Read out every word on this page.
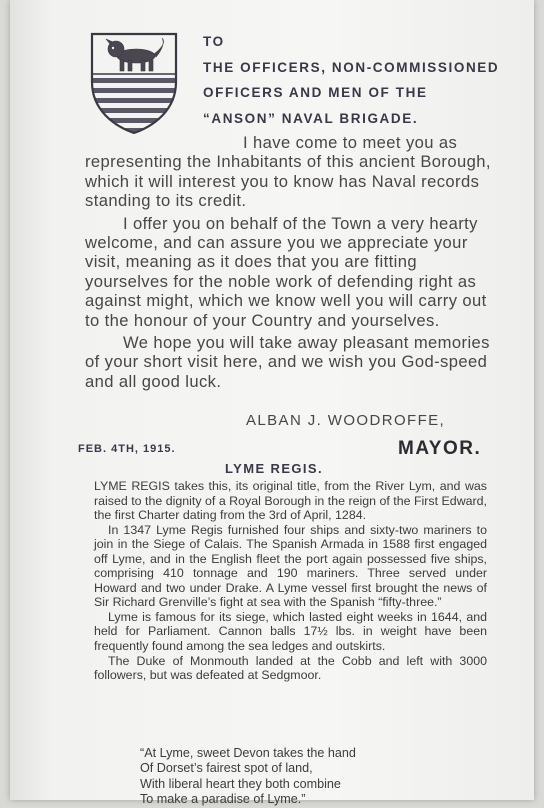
TO
THE OFFICERS, NON-COMMISSIONED
OFFICERS AND MEN OF THE
“ANSON” NAVAL BRIGADE.

I have come to meet you as representing the Inhabitants of this ancient Borough, which it will interest you to know has Naval records standing to its credit.

I offer you on behalf of the Town a very hearty welcome, and can assure you we appreciate your visit, meaning as it does that you are fitting yourselves for the noble work of defending right as against might, which we know well you will carry out to the honour of your Country and yourselves.

We hope you will take away pleasant memories of your short visit here, and we wish you God-speed and all good luck.

ALBAN J. WOODROFFE,
FEB. 4TH, 1915.	MAYOR.
LYME REGIS.

LYME REGIS takes this, its original title, from the River Lym, and was raised to the dignity of a Royal Borough in the reign of the First Edward, the first Charter dating from the 3rd of April, 1284.

In 1347 Lyme Regis furnished four ships and sixty-two mariners to join in the Siege of Calais. The Spanish Armada in 1588 first engaged off Lyme, and in the English fleet the port again possessed five ships, comprising 410 tonnage and 190 mariners. Three served under Howard and two under Drake. A Lyme vessel first brought the news of Sir Richard Grenville’s fight at sea with the Spanish “fifty-three.”

Lyme is famous for its siege, which lasted eight weeks in 1644, and held for Parliament. Cannon balls 17½ lbs. in weight have been frequently found among the sea ledges and outskirts.

The Duke of Monmouth landed at the Cobb and left with 3000 followers, but was defeated at Sedgmoor.

“At Lyme, sweet Devon takes the hand
Of Dorset’s fairest spot of land,
With liberal heart they both combine
To make a paradise of Lyme.”
